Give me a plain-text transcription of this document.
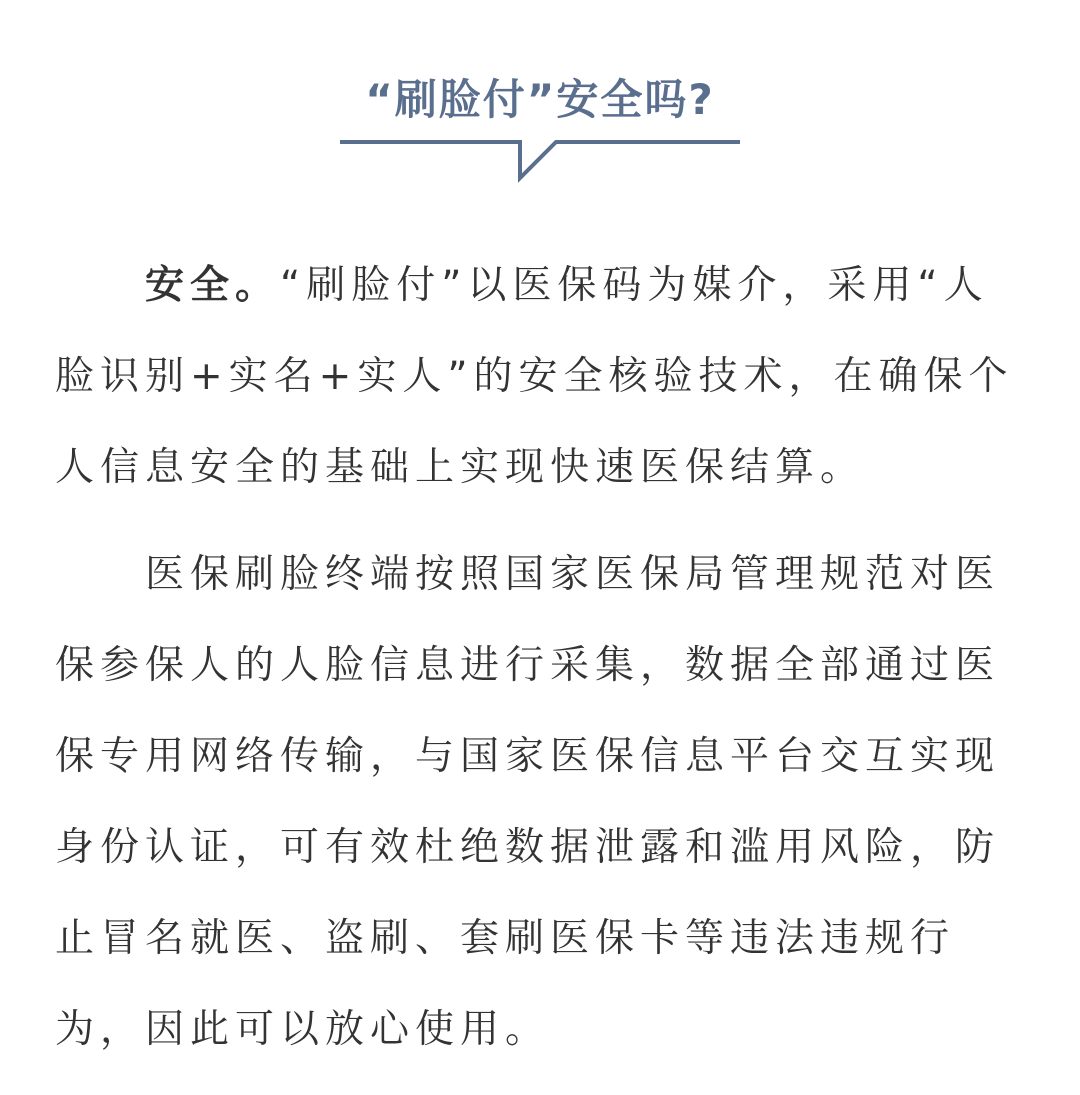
“刷脸付”安全吗?

安全。“刷脸付”以医保码为媒介，采用“人脸识别+实名+实人”的安全核验技术，在确保个人信息安全的基础上实现快速医保结算。

医保刷脸终端按照国家医保局管理规范对医保参保人的人脸信息进行采集，数据全部通过医保专用网络传输，与国家医保信息平台交互实现身份认证，可有效杜绝数据泄露和滥用风险，防止冒名就医、盗刷、套刷医保卡等违法违规行为，因此可以放心使用。
